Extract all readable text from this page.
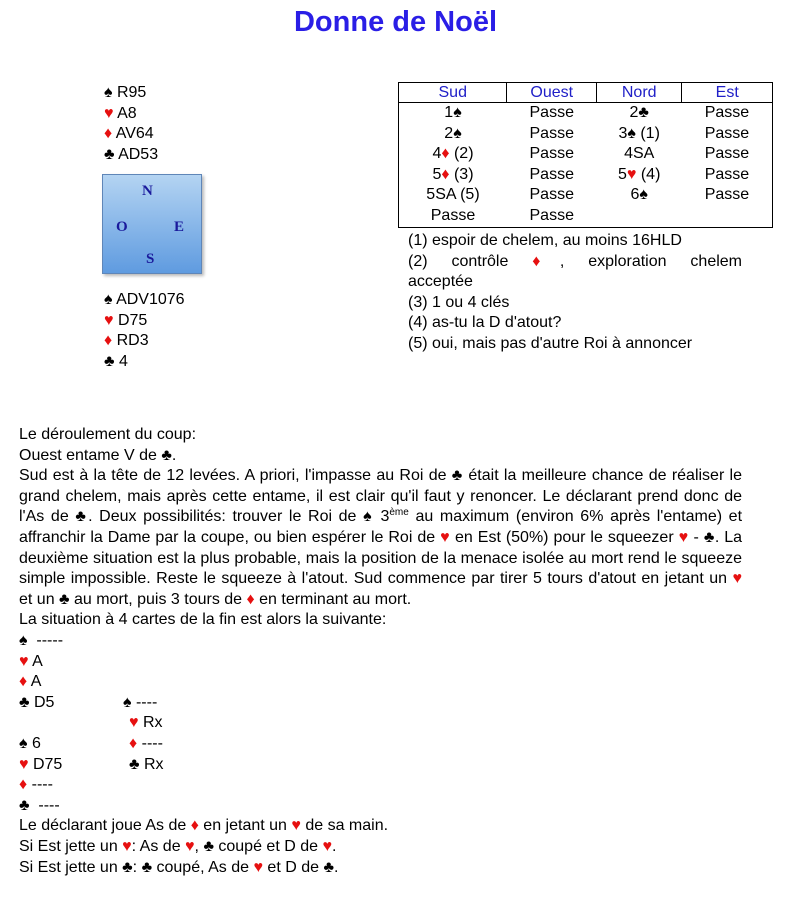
Donne de Noël
♠ R95
♥ A8
♦ AV64
♣ AD53
N
O	E
S
♠ ADV1076
♥ D75
♦ RD3
♣ 4
Sud	Ouest	Nord	Est
1♠	Passe	2♣	Passe
2♠	Passe	3♠ (1)	Passe
4♦ (2)	Passe	4SA	Passe
5♦ (3)	Passe	5♥ (4)	Passe
5SA (5)	Passe	6♠	Passe
Passe	Passe		
(1) espoir de chelem, au moins 16HLD
(2) contrôle ♦, exploration chelem
acceptée
(3) 1 ou 4 clés
(4) as-tu la D d'atout?
(5) oui, mais pas d'autre Roi à annoncer

Le déroulement du coup:

Ouest entame V de ♣.

Sud est à la tête de 12 levées. A priori, l'impasse au Roi de ♣ était la meilleure chance de réaliser le grand chelem, mais après cette entame, il est clair qu'il faut y renoncer. Le déclarant prend donc de l'As de ♣. Deux possibilités: trouver le Roi de ♠ 3ème au maximum (environ 6% après l'entame) et affranchir la Dame par la coupe, ou bien espérer le Roi de ♥ en Est (50%) pour le squeezer ♥ - ♣. La deuxième situation est la plus probable, mais la position de la menace isolée au mort rend le squeeze simple impossible. Reste le squeeze à l'atout. Sud commence par tirer 5 tours d'atout en jetant un ♥ et un ♣ au mort, puis 3 tours de ♦ en terminant au mort.

La situation à 4 cartes de la fin est alors la suivante:

♠ -----
♥ A
♦ A
♣ D5	♠ ----
♥ Rx
♦ ----
♣ Rx
♠ 6
♥ D75
♦ ----
♣ ----

Le déclarant joue As de ♦ en jetant un ♥ de sa main.

Si Est jette un ♥: As de ♥, ♣ coupé et D de ♥.

Si Est jette un ♣: ♣ coupé, As de ♥ et D de ♣.
